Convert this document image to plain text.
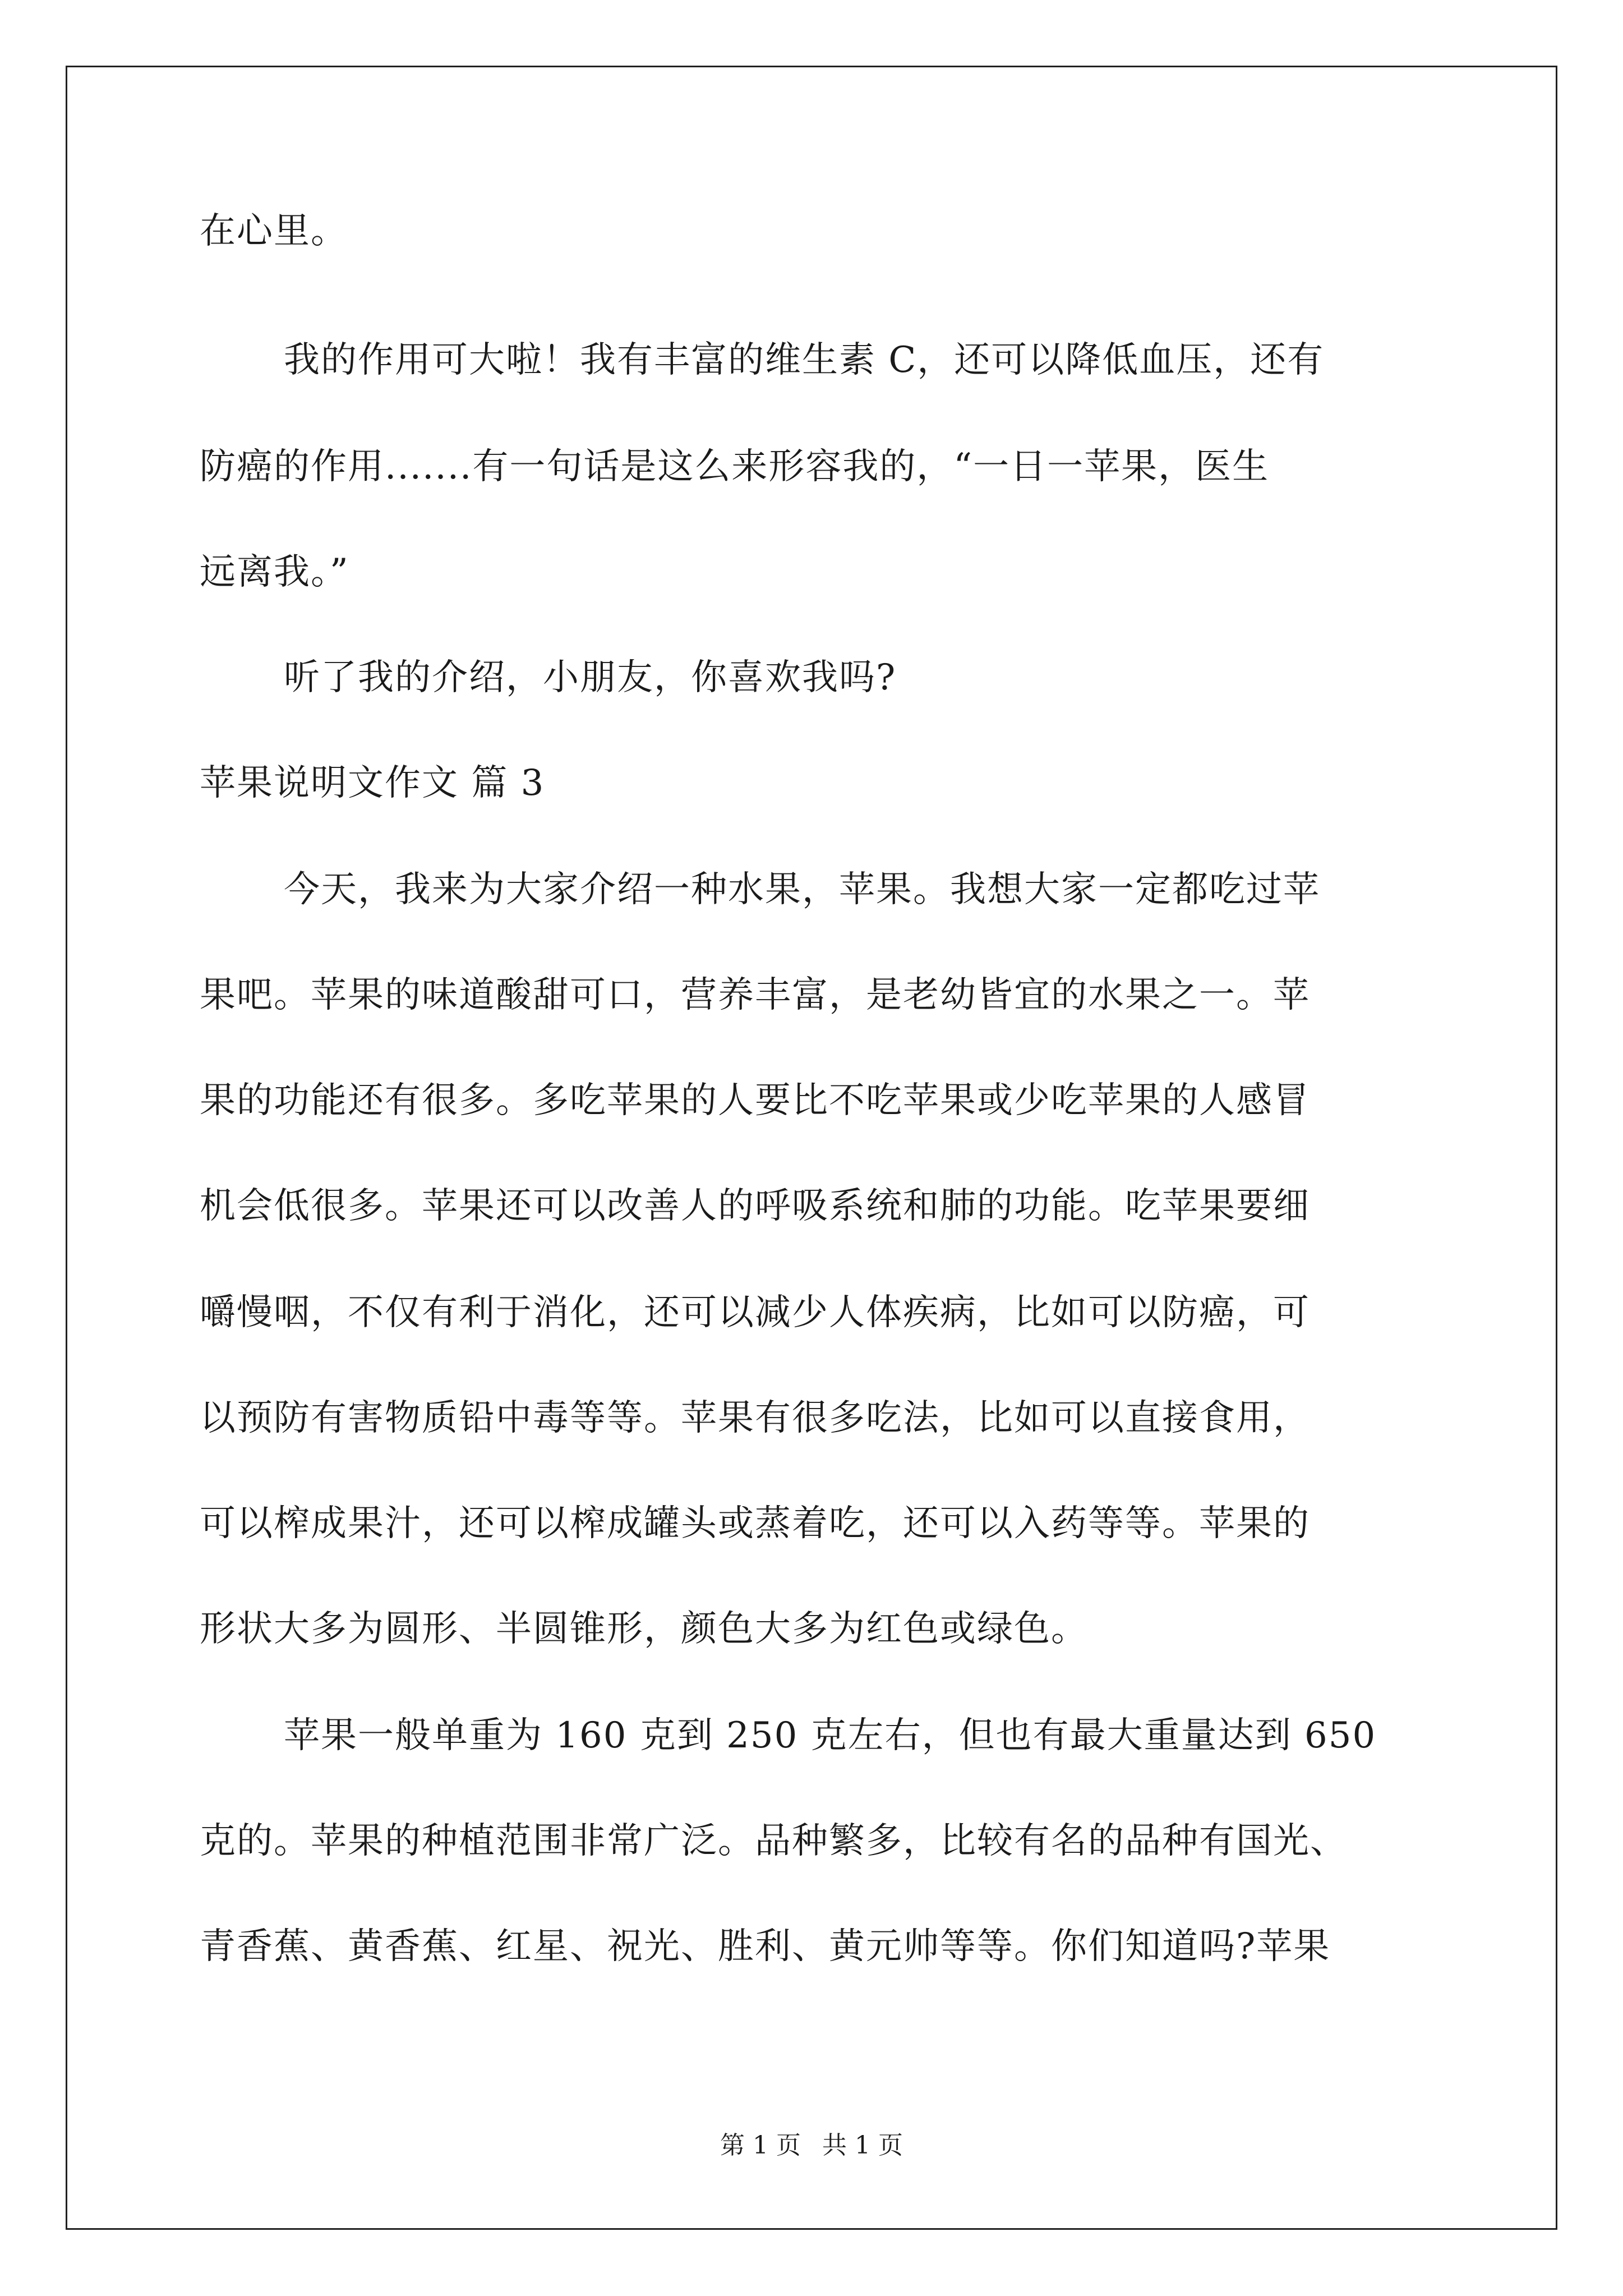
在心里。
我的作用可大啦！我有丰富的维生素 C，还可以降低血压，还有
防癌的作用.......有一句话是这么来形容我的，“一日一苹果，医生
远离我。”
听了我的介绍，小朋友，你喜欢我吗?
苹果说明文作文 篇 3
今天，我来为大家介绍一种水果，苹果。我想大家一定都吃过苹
果吧。苹果的味道酸甜可口，营养丰富，是老幼皆宜的水果之一。苹
果的功能还有很多。多吃苹果的人要比不吃苹果或少吃苹果的人感冒
机会低很多。苹果还可以改善人的呼吸系统和肺的功能。吃苹果要细
嚼慢咽，不仅有利于消化，还可以减少人体疾病，比如可以防癌，可
以预防有害物质铅中毒等等。苹果有很多吃法，比如可以直接食用，
可以榨成果汁，还可以榨成罐头或蒸着吃，还可以入药等等。苹果的
形状大多为圆形、半圆锥形，颜色大多为红色或绿色。
苹果一般单重为 160 克到 250 克左右，但也有最大重量达到 650
克的。苹果的种植范围非常广泛。品种繁多，比较有名的品种有国光、
青香蕉、黄香蕉、红星、祝光、胜利、黄元帅等等。你们知道吗?苹果
第 1 页 共 1 页
